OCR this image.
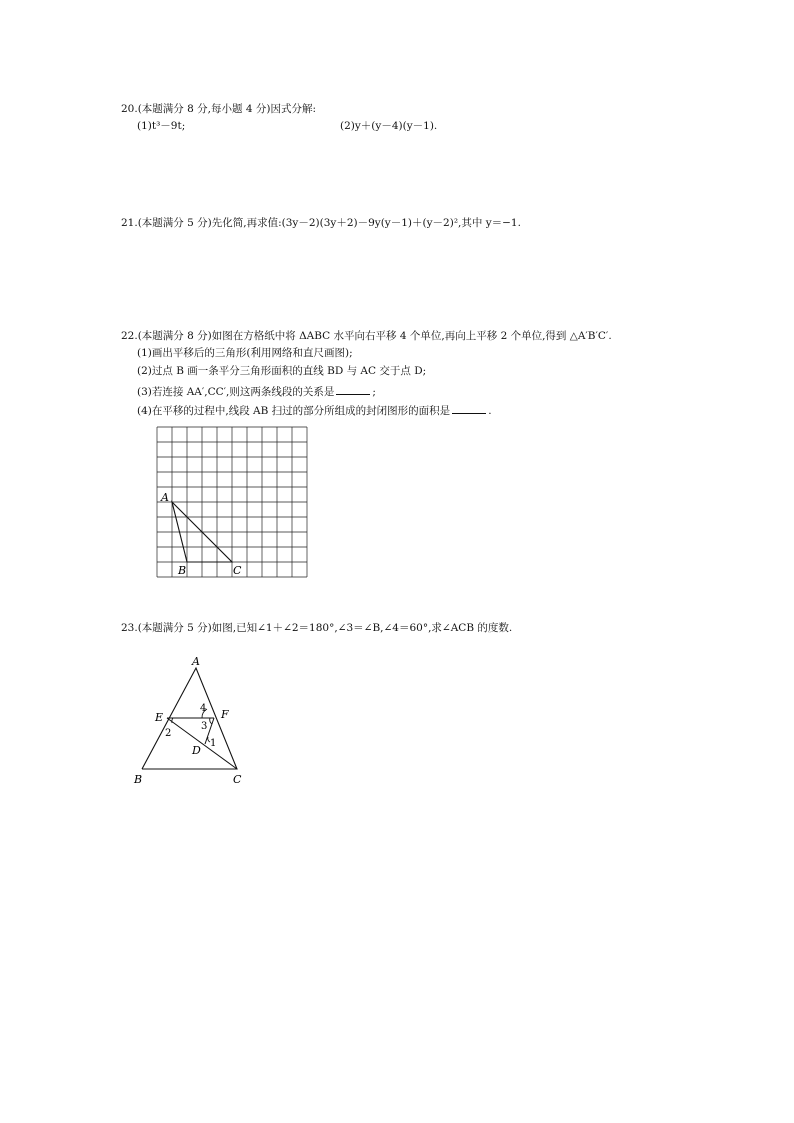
20.(本题满分 8 分,每小题 4 分)因式分解:
(1)t³－9t;	(2)y＋(y－4)(y－1).
21.(本题满分 5 分)先化简,再求值:(3y－2)(3y＋2)－9y(y－1)＋(y－2)²,其中 y＝−1.
22.(本题满分 8 分)如图在方格纸中将 ΔABC 水平向右平移 4 个单位,再向上平移 2 个单位,得到 △A′B′C′.
(1)画出平移后的三角形(利用网络和直尺画图);
(2)过点 B 画一条平分三角形面积的直线 BD 与 AC 交于点 D;
(3)若连接 AA′,CC′,则这两条线段的关系是	;
(4)在平移的过程中,线段 AB 扫过的部分所组成的封闭图形的面积是	.
A
B	C
23.(本题满分 5 分)如图,已知∠1＋∠2＝180°,∠3＝∠B,∠4＝60°,求∠ACB 的度数.
A
B	C
D
E	F
1
2
3
4
